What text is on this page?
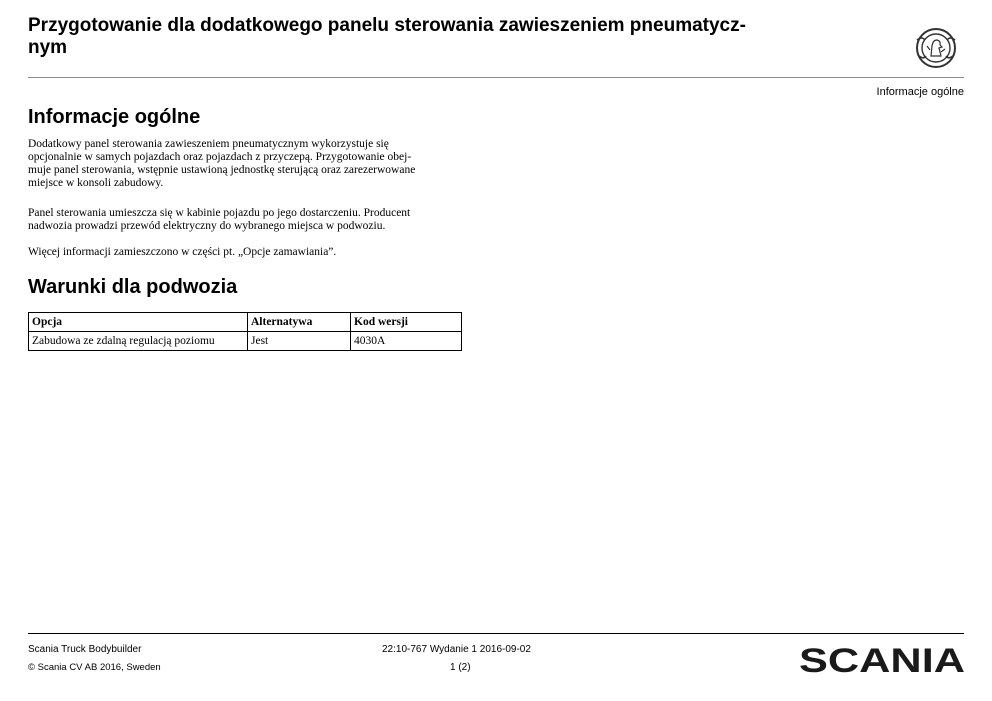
Przygotowanie dla dodatkowego panelu sterowania zawieszeniem pneumatycz-
nym
Informacje ogólne
Informacje ogólne

Dodatkowy panel sterowania zawieszeniem pneumatycznym wykorzystuje się
opcjonalnie w samych pojazdach oraz pojazdach z przyczepą. Przygotowanie obej-
muje panel sterowania, wstępnie ustawioną jednostkę sterującą oraz zarezerwowane
miejsce w konsoli zabudowy.

Panel sterowania umieszcza się w kabinie pojazdu po jego dostarczeniu. Producent
nadwozia prowadzi przewód elektryczny do wybranego miejsca w podwoziu.

Więcej informacji zamieszczono w części pt. „Opcje zamawiania”.

Warunki dla podwozia
Opcja	Alternatywa	Kod wersji
Zabudowa ze zdalną regulacją poziomu	Jest	4030A
Scania Truck Bodybuilder
© Scania CV AB 2016, Sweden
22:10-767 Wydanie 1 2016-09-02
1 (2)	SCANIA
